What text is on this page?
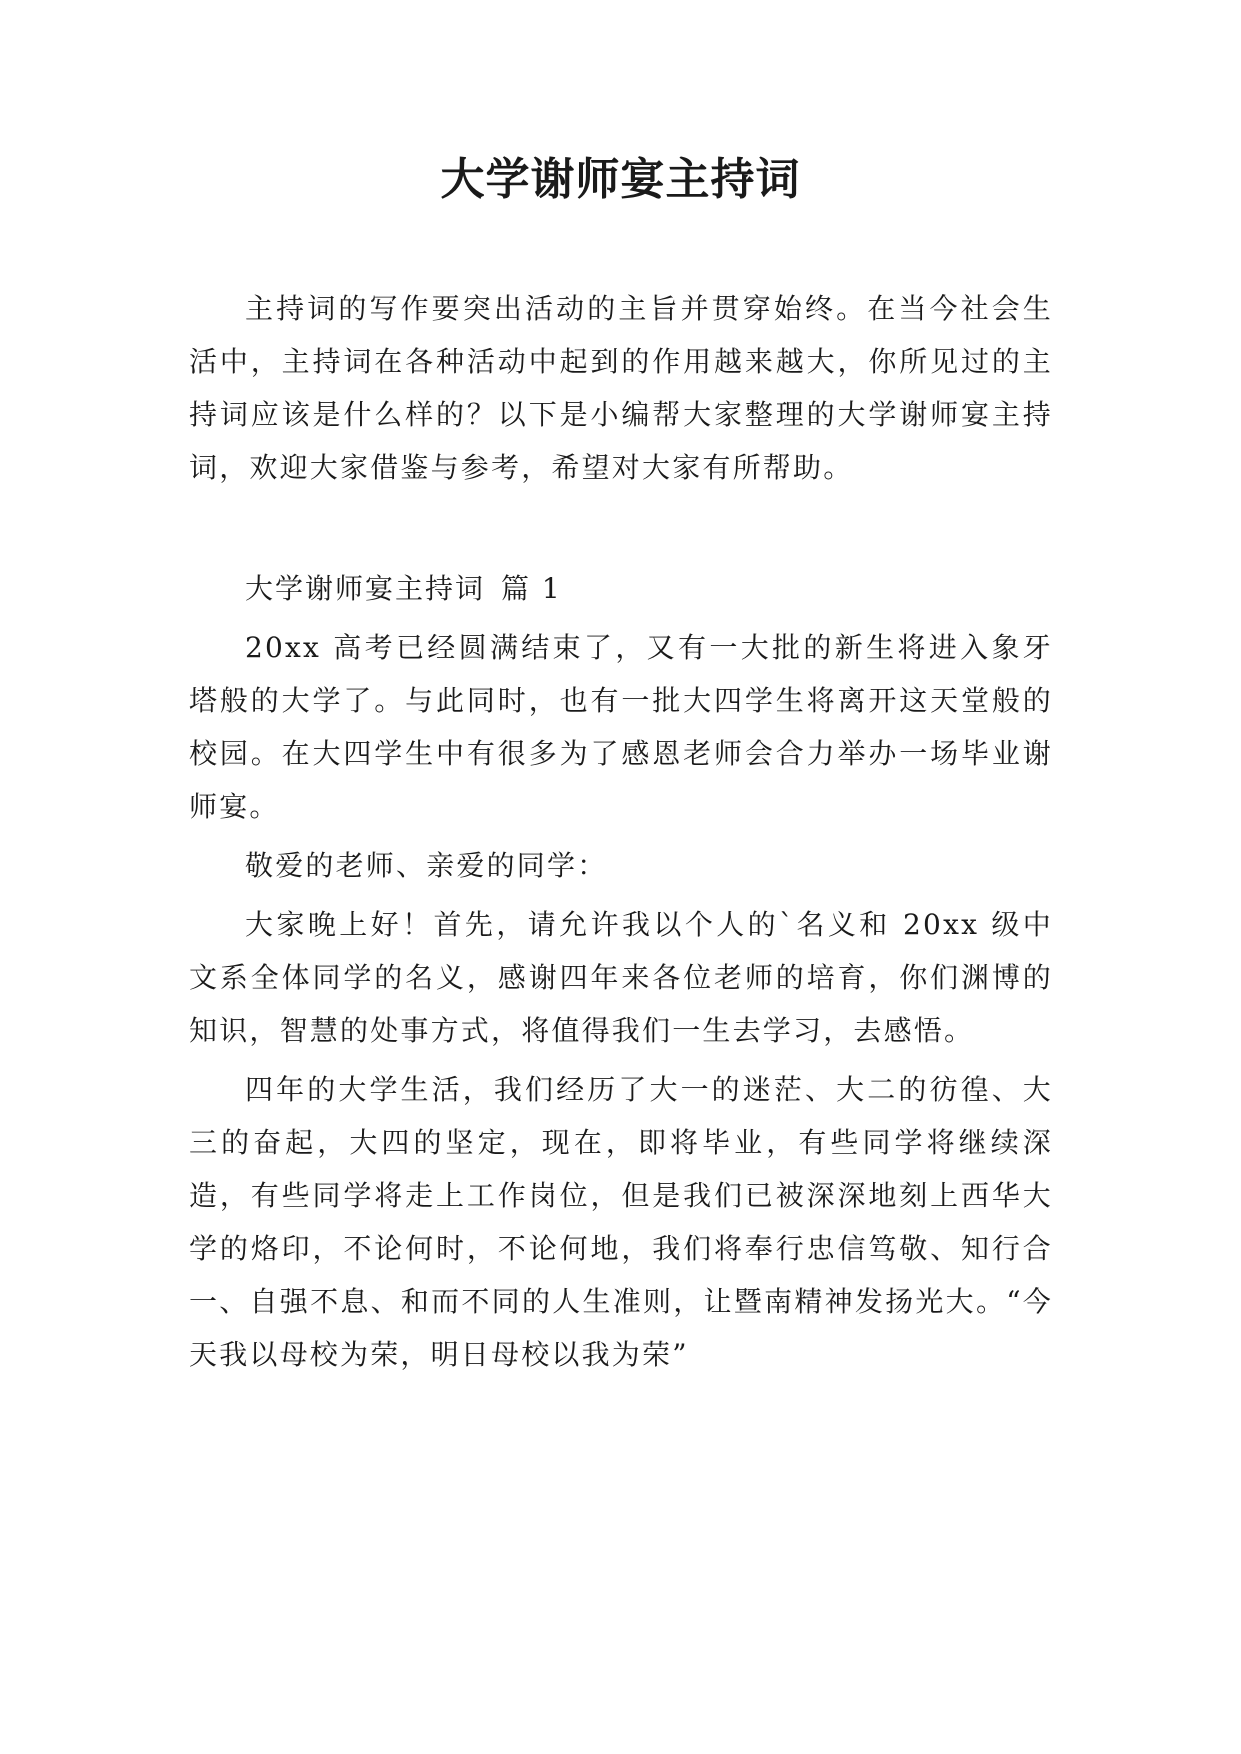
大学谢师宴主持词

主持词的写作要突出活动的主旨并贯穿始终。在当今社会生活中，主持词在各种活动中起到的作用越来越大，你所见过的主持词应该是什么样的？以下是小编帮大家整理的大学谢师宴主持词，欢迎大家借鉴与参考，希望对大家有所帮助。

大学谢师宴主持词 篇 1

20xx 高考已经圆满结束了，又有一大批的新生将进入象牙塔般的大学了。与此同时，也有一批大四学生将离开这天堂般的校园。在大四学生中有很多为了感恩老师会合力举办一场毕业谢师宴。

敬爱的老师、亲爱的同学：

大家晚上好！首先，请允许我以个人的`名义和 20xx 级中文系全体同学的名义，感谢四年来各位老师的培育，你们渊博的知识，智慧的处事方式，将值得我们一生去学习，去感悟。

四年的大学生活，我们经历了大一的迷茫、大二的彷徨、大三的奋起，大四的坚定，现在，即将毕业，有些同学将继续深造，有些同学将走上工作岗位，但是我们已被深深地刻上西华大学的烙印，不论何时，不论何地，我们将奉行忠信笃敬、知行合一、自强不息、和而不同的人生准则，让暨南精神发扬光大。“今天我以母校为荣，明日母校以我为荣”
